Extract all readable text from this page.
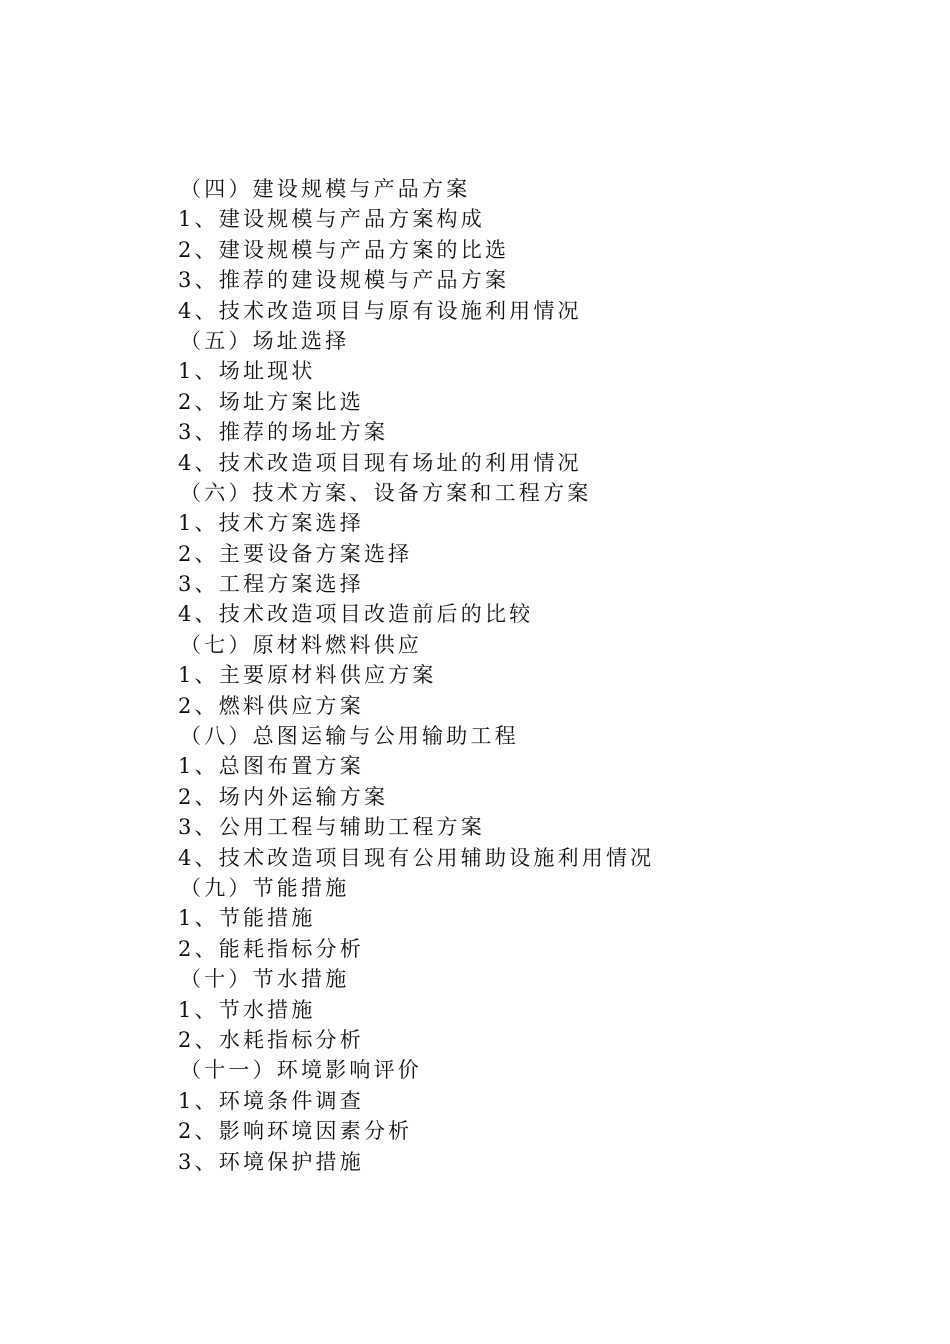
（四）建设规模与产品方案
1、建设规模与产品方案构成
2、建设规模与产品方案的比选
3、推荐的建设规模与产品方案
4、技术改造项目与原有设施利用情况
（五）场址选择
1、场址现状
2、场址方案比选
3、推荐的场址方案
4、技术改造项目现有场址的利用情况
（六）技术方案、设备方案和工程方案
1、技术方案选择
2、主要设备方案选择
3、工程方案选择
4、技术改造项目改造前后的比较
（七）原材料燃料供应
1、主要原材料供应方案
2、燃料供应方案
（八）总图运输与公用输助工程
1、总图布置方案
2、场内外运输方案
3、公用工程与辅助工程方案
4、技术改造项目现有公用辅助设施利用情况
（九）节能措施
1、节能措施
2、能耗指标分析
（十）节水措施
1、节水措施
2、水耗指标分析
（十一）环境影响评价
1、环境条件调查
2、影响环境因素分析
3、环境保护措施
